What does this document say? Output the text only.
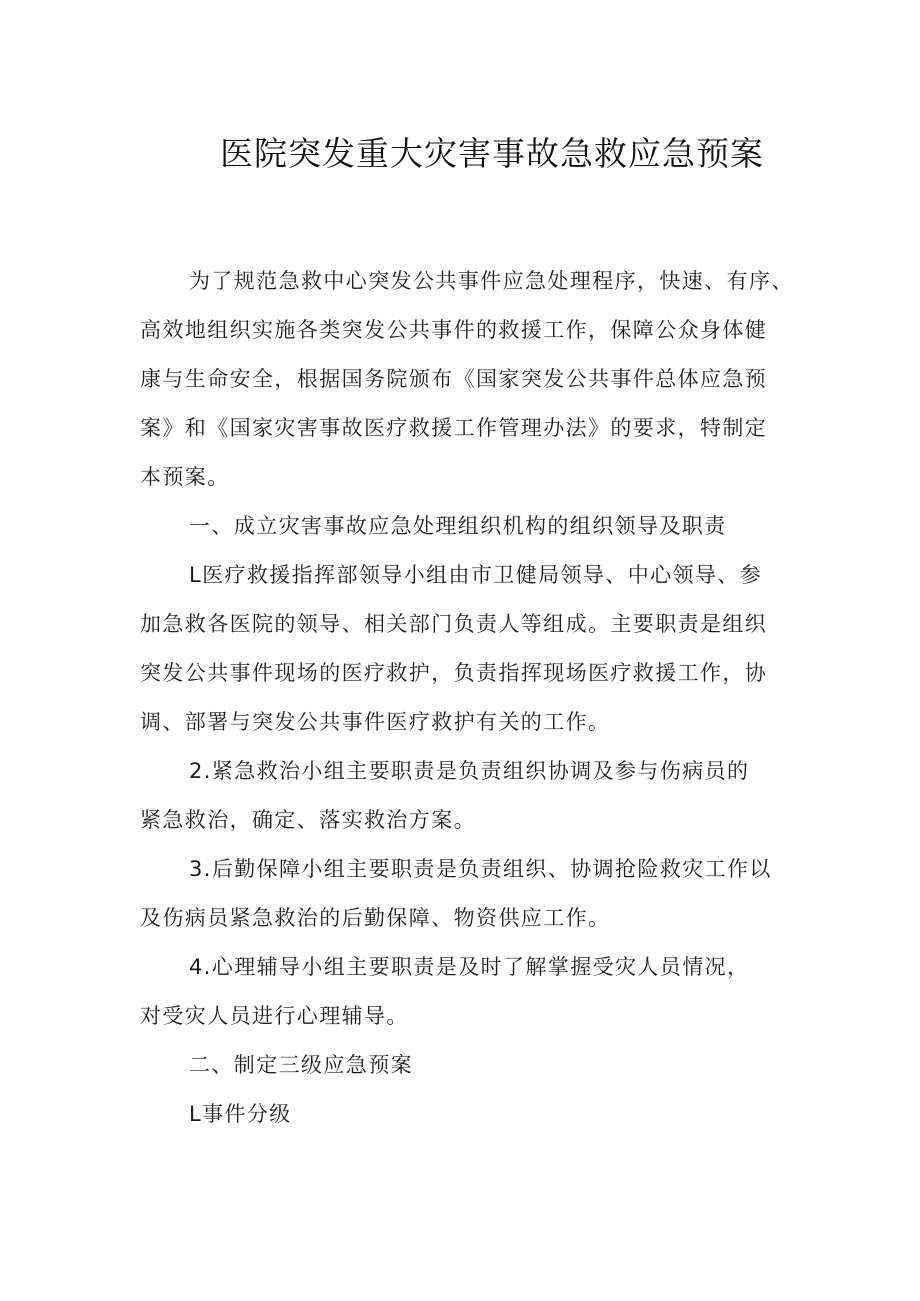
医院突发重大灾害事故急救应急预案

为了规范急救中心突发公共事件应急处理程序，快速、有序、

高效地组织实施各类突发公共事件的救援工作，保障公众身体健

康与生命安全，根据国务院颁布《国家突发公共事件总体应急预

案》和《国家灾害事故医疗救援工作管理办法》的要求，特制定

本预案。

一、成立灾害事故应急处理组织机构的组织领导及职责

L医疗救援指挥部领导小组由市卫健局领导、中心领导、参

加急救各医院的领导、相关部门负责人等组成。主要职责是组织

突发公共事件现场的医疗救护，负责指挥现场医疗救援工作，协

调、部署与突发公共事件医疗救护有关的工作。

2.紧急救治小组主要职责是负责组织协调及参与伤病员的

紧急救治，确定、落实救治方案。

3.后勤保障小组主要职责是负责组织、协调抢险救灾工作以

及伤病员紧急救治的后勤保障、物资供应工作。

4.心理辅导小组主要职责是及时了解掌握受灾人员情况，

对受灾人员进行心理辅导。

二、制定三级应急预案

L事件分级
